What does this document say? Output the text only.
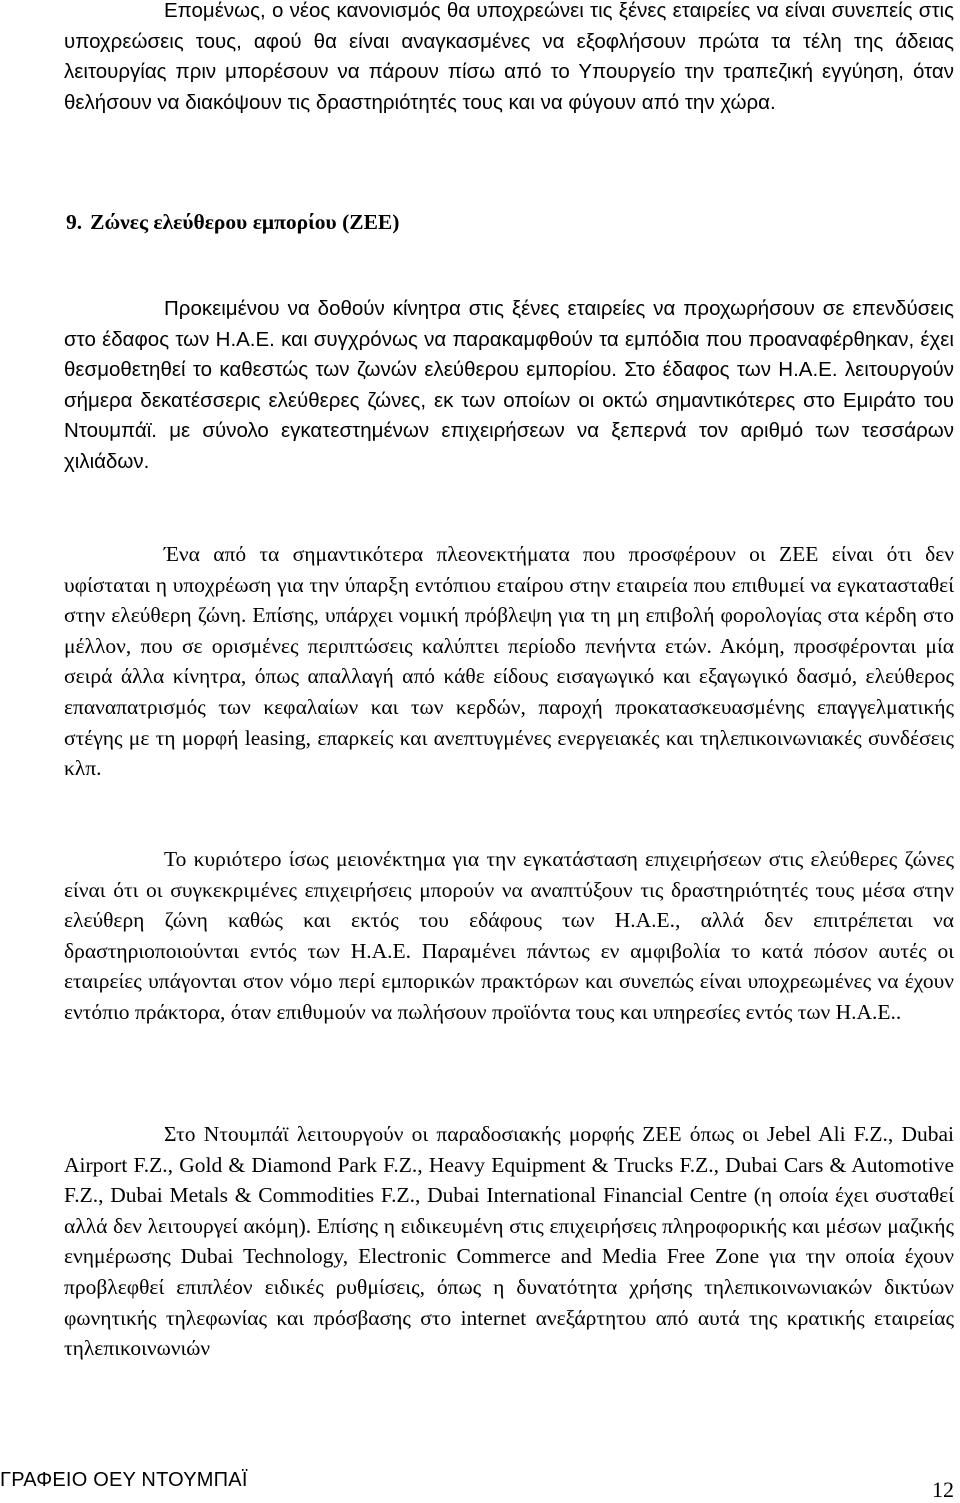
Επομένως, ο νέος κανονισμός θα υποχρεώνει τις ξένες εταιρείες να είναι συνεπείς στις υποχρεώσεις τους, αφού θα είναι αναγκασμένες να εξοφλήσουν πρώτα τα τέλη της άδειας λειτουργίας πριν μπορέσουν να πάρουν πίσω από το Υπουργείο την τραπεζική εγγύηση, όταν θελήσουν να διακόψουν τις δραστηριότητές τους και να φύγουν από την χώρα.

9. Ζώνες ελεύθερου εμπορίου (ΖΕΕ)

Προκειμένου να δοθούν κίνητρα στις ξένες εταιρείες να προχωρήσουν σε επενδύσεις στο έδαφος των Η.Α.Ε. και συγχρόνως να παρακαμφθούν τα εμπόδια που προαναφέρθηκαν, έχει θεσμοθετηθεί το καθεστώς των ζωνών ελεύθερου εμπορίου. Στο έδαφος των Η.Α.Ε. λειτουργούν σήμερα δεκατέσσερις ελεύθερες ζώνες, εκ των οποίων οι οκτώ σημαντικότερες στο Εμιράτο του Ντουμπάϊ. με σύνολο εγκατεστημένων επιχειρήσεων να ξεπερνά τον αριθμό των τεσσάρων χιλιάδων.

Ένα από τα σημαντικότερα πλεονεκτήματα που προσφέρουν οι ΖΕΕ είναι ότι δεν υφίσταται η υποχρέωση για την ύπαρξη εντόπιου εταίρου στην εταιρεία που επιθυμεί να εγκατασταθεί στην ελεύθερη ζώνη. Επίσης, υπάρχει νομική πρόβλεψη για τη μη επιβολή φορολογίας στα κέρδη στο μέλλον, που σε ορισμένες περιπτώσεις καλύπτει περίοδο πενήντα ετών. Ακόμη, προσφέρονται μία σειρά άλλα κίνητρα, όπως απαλλαγή από κάθε είδους εισαγωγικό και εξαγωγικό δασμό, ελεύθερος επαναπατρισμός των κεφαλαίων και των κερδών, παροχή προκατασκευασμένης επαγγελματικής στέγης με τη μορφή leasing, επαρκείς και ανεπτυγμένες ενεργειακές και τηλεπικοινωνιακές συνδέσεις κλπ.

Το κυριότερο ίσως μειονέκτημα για την εγκατάσταση επιχειρήσεων στις ελεύθερες ζώνες είναι ότι οι συγκεκριμένες επιχειρήσεις μπορούν να αναπτύξουν τις δραστηριότητές τους μέσα στην ελεύθερη ζώνη καθώς και εκτός του εδάφους των Η.Α.Ε., αλλά δεν επιτρέπεται να δραστηριοποιούνται εντός των Η.Α.Ε. Παραμένει πάντως εν αμφιβολία το κατά πόσον αυτές οι εταιρείες υπάγονται στον νόμο περί εμπορικών πρακτόρων και συνεπώς είναι υποχρεωμένες να έχουν εντόπιο πράκτορα, όταν επιθυμούν να πωλήσουν προϊόντα τους και υπηρεσίες εντός των Η.Α.Ε..

Στο Ντουμπάϊ λειτουργούν οι παραδοσιακής μορφής ΖΕΕ όπως οι Jebel Ali F.Z., Dubai Airport F.Z., Gold & Diamond Park F.Z., Heavy Equipment & Trucks F.Z., Dubai Cars & Automotive F.Z., Dubai Metals & Commodities F.Z., Dubai International Financial Centre (η οποία έχει συσταθεί αλλά δεν λειτουργεί ακόμη). Επίσης η ειδικευμένη στις επιχειρήσεις πληροφορικής και μέσων μαζικής ενημέρωσης Dubai Technology, Electronic Commerce and Media Free Zone για την οποία έχουν προβλεφθεί επιπλέον ειδικές ρυθμίσεις, όπως η δυνατότητα χρήσης τηλεπικοινωνιακών δικτύων φωνητικής τηλεφωνίας και πρόσβασης στο internet ανεξάρτητου από αυτά της κρατικής εταιρείας τηλεπικοινωνιών

ΓΡΑΦΕΙΟ ΟΕΥ ΝΤΟΥΜΠΑΪ	12
